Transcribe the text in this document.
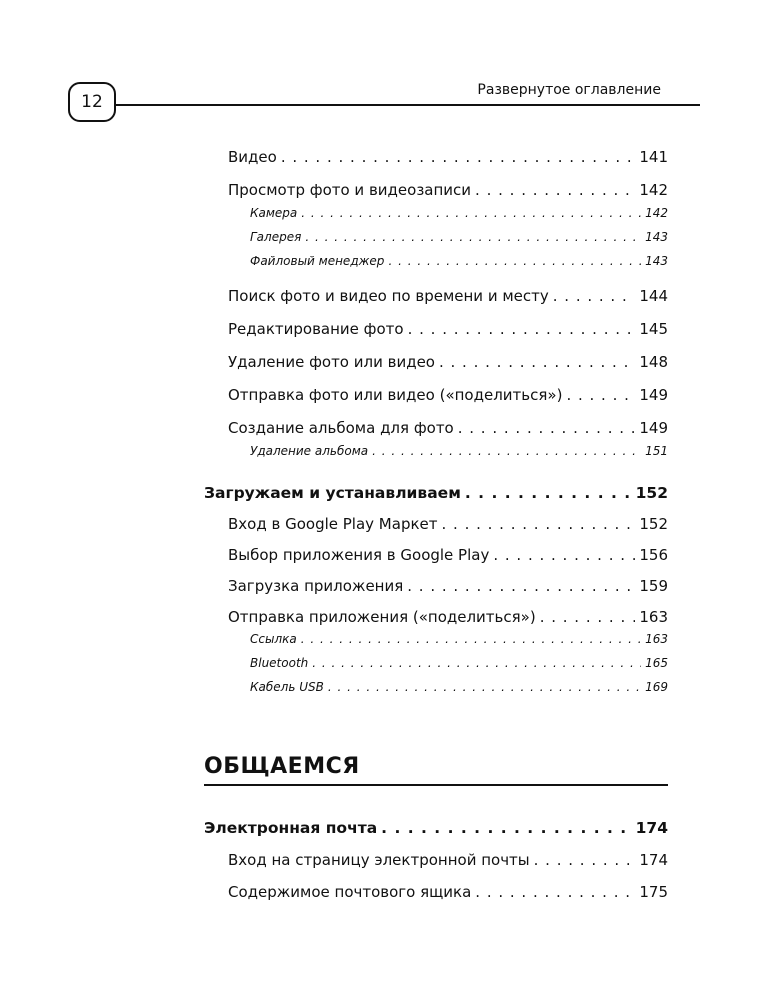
12
Развернутое оглавление
Видео . . .	141
Просмотр фото и видеозаписи . . .	142
Камера . . .	142
Галерея . . .	143
Файловый менеджер . . .	143
Поиск фото и видео по времени и месту . . .	144
Редактирование фото . . .	145
Удаление фото или видео . . .	148
Отправка фото или видео («поделиться») . . .	149
Создание альбома для фото . . .	149
Удаление альбома . . .	151
Загружаем и устанавливаем . . .	152
Вход в Google Play Маркет . . .	152
Выбор приложения в Google Play . . .	156
Загрузка приложения . . .	159
Отправка приложения («поделиться») . . .	163
Ссылка . . .	163
Bluetooth . . .	165
Кабель USB . . .	169
Электронная почта . . .	174
Вход на страницу электронной почты . . .	174
Содержимое почтового ящика . . .	175
ОБЩАЕМСЯ
